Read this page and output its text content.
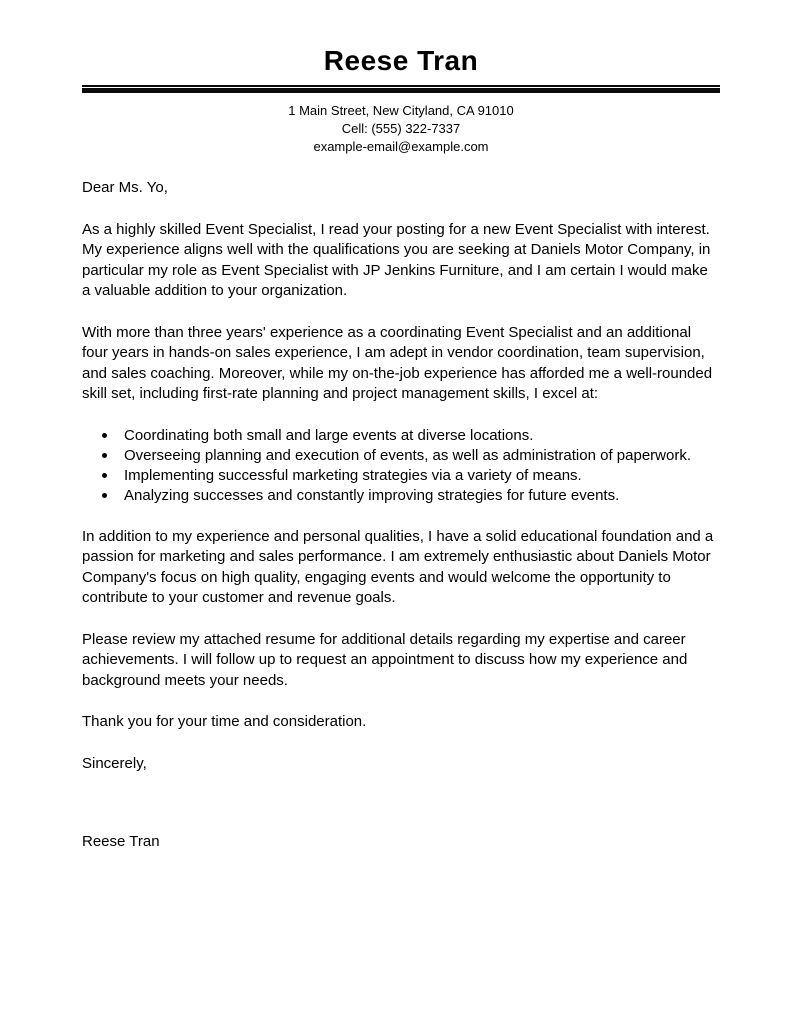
Reese Tran
1 Main Street, New Cityland, CA 91010
Cell: (555) 322-7337
example-email@example.com
Dear Ms. Yo,

As a highly skilled Event Specialist, I read your posting for a new Event Specialist with interest. My experience aligns well with the qualifications you are seeking at Daniels Motor Company, in particular my role as Event Specialist with JP Jenkins Furniture, and I am certain I would make a valuable addition to your organization.

With more than three years' experience as a coordinating Event Specialist and an additional four years in hands-on sales experience, I am adept in vendor coordination, team supervision, and sales coaching. Moreover, while my on-the-job experience has afforded me a well-rounded skill set, including first-rate planning and project management skills, I excel at:

Coordinating both small and large events at diverse locations.
Overseeing planning and execution of events, as well as administration of paperwork.
Implementing successful marketing strategies via a variety of means.
Analyzing successes and constantly improving strategies for future events.

In addition to my experience and personal qualities, I have a solid educational foundation and a passion for marketing and sales performance. I am extremely enthusiastic about Daniels Motor Company's focus on high quality, engaging events and would welcome the opportunity to contribute to your customer and revenue goals.

Please review my attached resume for additional details regarding my expertise and career achievements. I will follow up to request an appointment to discuss how my experience and background meets your needs.

Thank you for your time and consideration.

Sincerely,

Reese Tran
